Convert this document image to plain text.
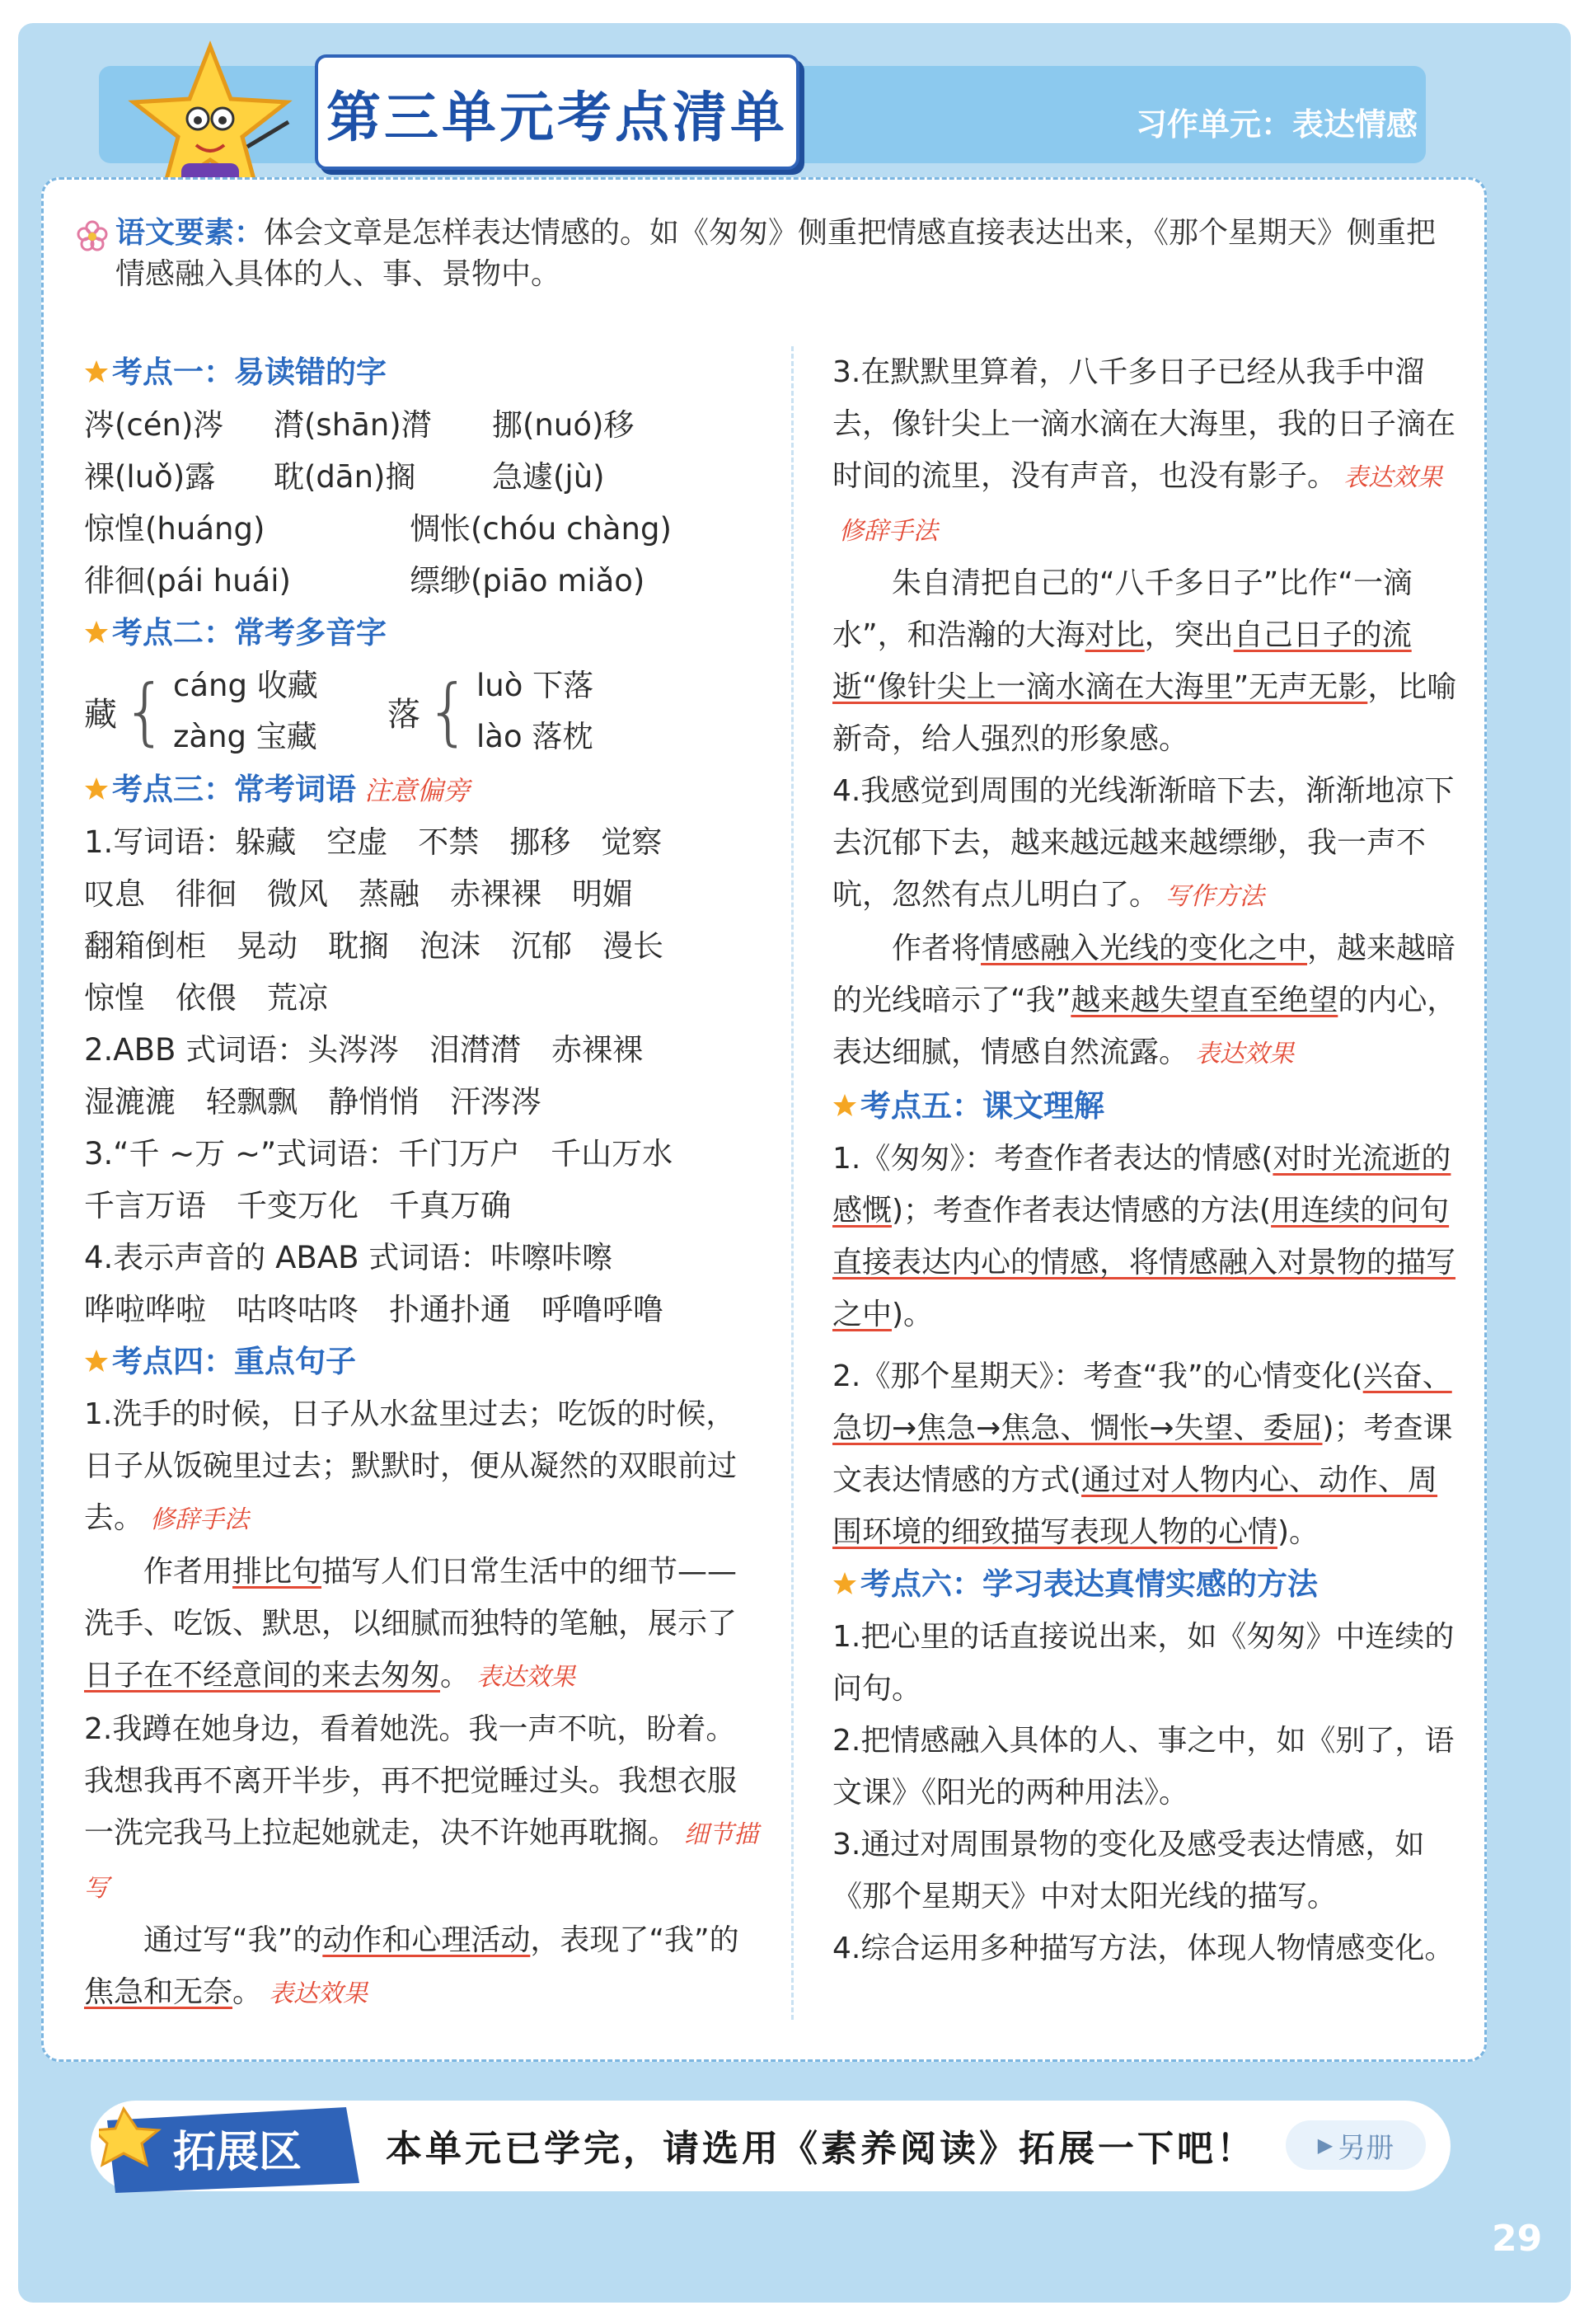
第三单元考点清单	习作单元：表达情感
语文要素：体会文章是怎样表达情感的。如《匆匆》侧重把情感直接表达出来，《那个星期天》侧重把情感融入具体的人、事、景物中。
考点一：易读错的字
涔(cén)涔 潸(shān)潸 挪(nuó)移
裸(luǒ)露 耽(dān)搁	急遽(jù)
惊惶(huáng)	惆怅(chóu chàng)
徘徊(pái huái)	缥缈(piāo miǎo)
考点二：常考多音字
藏 { cáng 收藏
zàng 宝藏
落 { luò 下落
lào 落枕
考点三：常考词语 注意偏旁
1.写词语：躲藏　空虚　不禁　挪移　觉察
叹息　徘徊　微风　蒸融　赤裸裸　明媚
翻箱倒柜　晃动　耽搁　泡沫　沉郁　漫长
惊惶　依偎　荒凉
2.ABB 式词语：头涔涔　泪潸潸　赤裸裸
湿漉漉　轻飘飘　静悄悄　汗涔涔
3.“千 ~万 ~”式词语：千门万户　千山万水
千言万语　千变万化　千真万确
4.表示声音的 ABAB 式词语：咔嚓咔嚓
哗啦哗啦　咕咚咕咚　扑通扑通　呼噜呼噜
考点四：重点句子
1.洗手的时候，日子从水盆里过去；吃饭的时候，日子从饭碗里过去；默默时，便从凝然的双眼前过去。 修辞手法
作者用排比句描写人们日常生活中的细节——洗手、吃饭、默思，以细腻而独特的笔触，展示了日子在不经意间的来去匆匆。 表达效果
2.我蹲在她身边，看着她洗。我一声不吭，盼着。我想我再不离开半步，再不把觉睡过头。我想衣服一洗完我马上拉起她就走，决不许她再耽搁。 细节描写
通过写“我”的动作和心理活动，表现了“我”的焦急和无奈。 表达效果
3.在默默里算着，八千多日子已经从我手中溜去，像针尖上一滴水滴在大海里，我的日子滴在时间的流里，没有声音，也没有影子。 表达效果修辞手法
朱自清把自己的“八千多日子”比作“一滴水”，和浩瀚的大海对比，突出自己日子的流逝“像针尖上一滴水滴在大海里”无声无影，比喻新奇，给人强烈的形象感。
4.我感觉到周围的光线渐渐暗下去，渐渐地凉下去沉郁下去，越来越远越来越缥缈，我一声不吭，忽然有点儿明白了。 写作方法
作者将情感融入光线的变化之中，越来越暗的光线暗示了“我”越来越失望直至绝望的内心，表达细腻，情感自然流露。 表达效果
考点五：课文理解
1.《匆匆》：考查作者表达的情感(对时光流逝的感慨)；考查作者表达情感的方法(用连续的问句直接表达内心的情感，将情感融入对景物的描写之中)。
2.《那个星期天》：考查“我”的心情变化(兴奋、急切→焦急→焦急、惆怅→失望、委屈)；考查课文表达情感的方式(通过对人物内心、动作、周围环境的细致描写表现人物的心情)。
考点六：学习表达真情实感的方法
1.把心里的话直接说出来，如《匆匆》中连续的问句。
2.把情感融入具体的人、事之中，如《别了，语文课》《阳光的两种用法》。
3.通过对周围景物的变化及感受表达情感，如《那个星期天》中对太阳光线的描写。
4.综合运用多种描写方法，体现人物情感变化。
拓展区 本单元已学完，请选用《素养阅读》拓展一下吧！	▶ 另册
29
